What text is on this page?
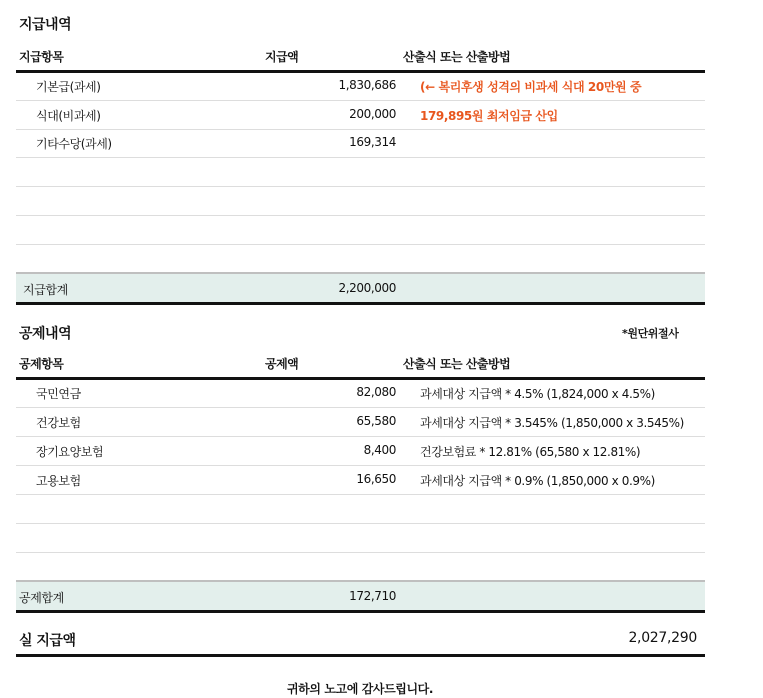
지급내역
지급항목	지급액	산출식 또는 산출방법
기본급(과세)	1,830,686 (← 복리후생 성격의 비과세 식대 20만원 중
식대(비과세)	200,000 179,895원 최저임금 산입
기타수당(과세)	169,314
지급합계	2,200,000
공제내역	*원단위절사
공제항목	공제액	산출식 또는 산출방법
국민연금	82,080 과세대상 지급액 * 4.5% (1,824,000 x 4.5%)
건강보험	65,580 과세대상 지급액 * 3.545% (1,850,000 x 3.545%)
장기요양보험	8,400 건강보험료 * 12.81% (65,580 x 12.81%)
고용보험	16,650 과세대상 지급액 * 0.9% (1,850,000 x 0.9%)
공제합계	172,710
실 지급액	2,027,290
귀하의 노고에 감사드립니다.
